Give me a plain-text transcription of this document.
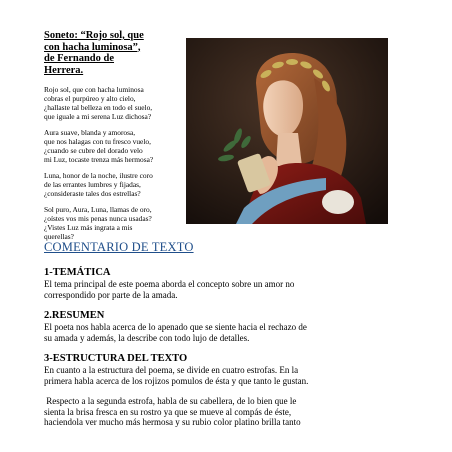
Soneto: “Rojo sol, que
con hacha luminosa”,
de Fernando de
Herrera.
Rojo sol, que con hacha luminosa
cobras el purpúreo y alto cielo,
¿hallaste tal belleza en todo el suelo,
que iguale a mi serena Luz dichosa?
Aura suave, blanda y amorosa,
que nos halagas con tu fresco vuelo,
¿cuando se cubre del dorado velo
mi Luz, tocaste trenza más hermosa?
Luna, honor de la noche, ilustre coro
de las errantes lumbres y fijadas,
¿consideraste tales dos estrellas?
Sol puro, Aura, Luna, llamas de oro,
¿oístes vos mis penas nunca usadas?
¿Vistes Luz más ingrata a mis
querellas?
COMENTARIO DE TEXTO
1-TEMÁTICA
El tema principal de este poema aborda el concepto sobre un amor no
correspondido por parte de la amada.
2.RESUMEN
El poeta nos habla acerca de lo apenado que se siente hacia el rechazo de
su amada y además, la describe con todo lujo de detalles.
3-ESTRUCTURA DEL TEXTO
En cuanto a la estructura del poema, se divide en cuatro estrofas. En la
primera habla acerca de los rojizos pomulos de ésta y que tanto le gustan.
Respecto a la segunda estrofa, habla de su cabellera, de lo bien que le
sienta la brisa fresca en su rostro ya que se mueve al compás de éste,
haciendola ver mucho más hermosa y su rubio color platino brilla tanto
